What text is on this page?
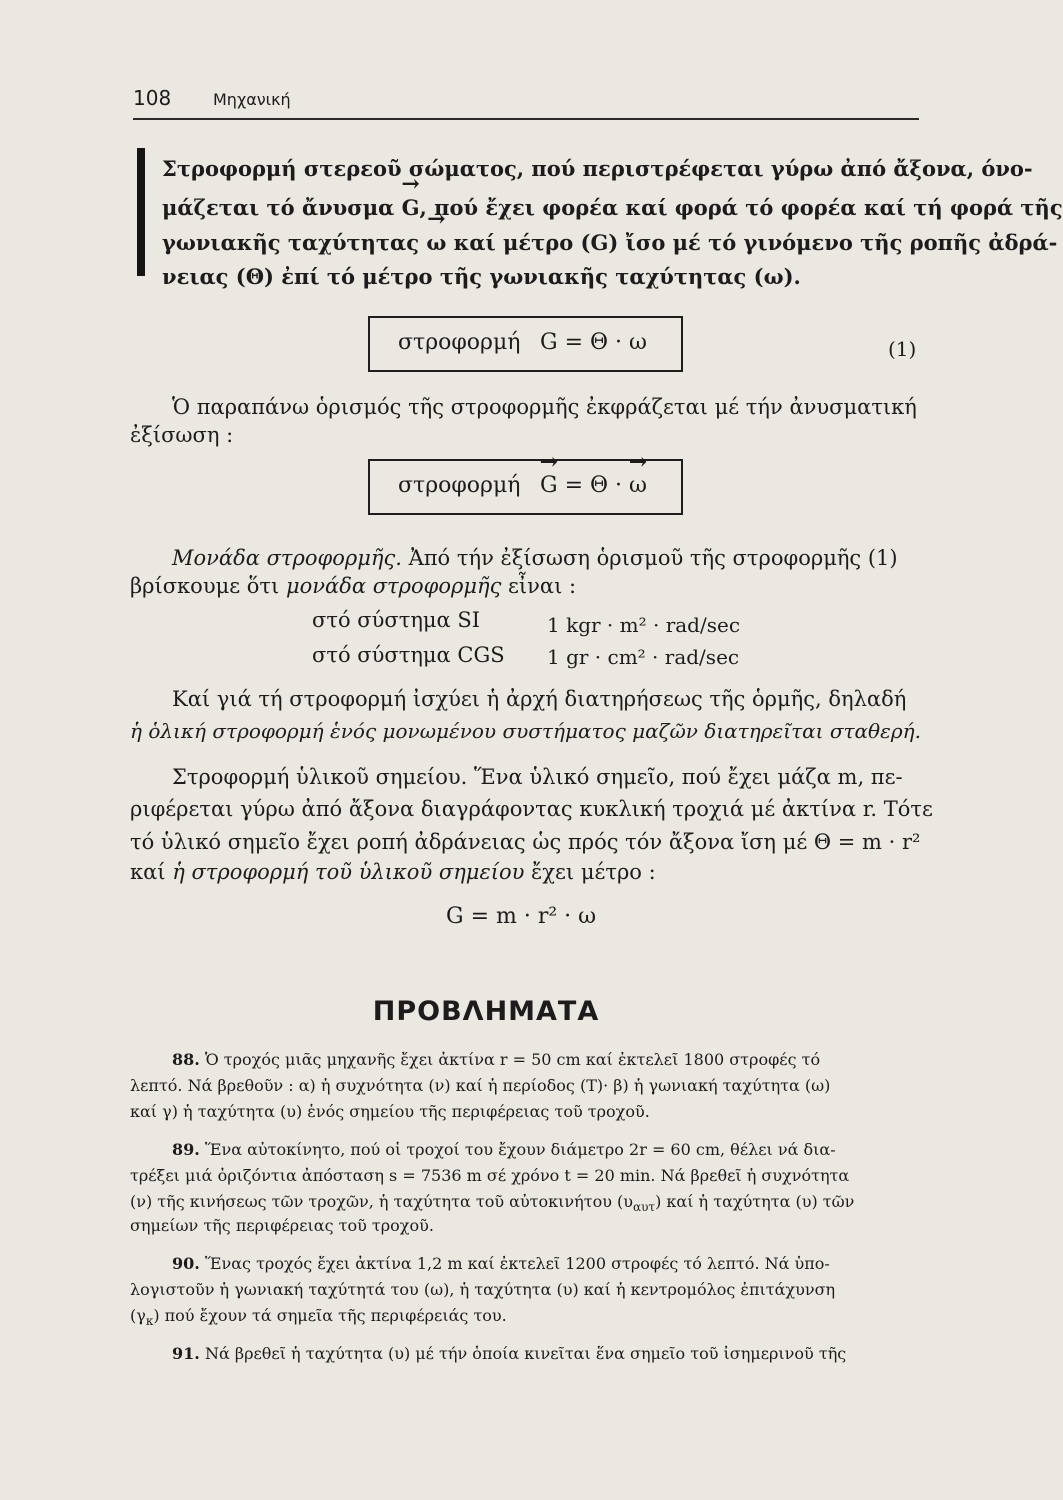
108	Μηχανική
Στροφορμή στερεοῦ σώματος, πού περιστρέφεται γύρω ἀπό ἄξονα, όνο-
μάζεται τό ἄνυσμα → G, πού ἔχει φορέα καί φορά τό φορέα καί τή φορά τῆς
γωνιακῆς ταχύτητας → ω καί μέτρο (G) ἴσο μέ τό γινόμενο τῆς ροπῆς ἀδρά-
νειας (Θ) ἐπί τό μέτρο τῆς γωνιακῆς ταχύτητας (ω).
στροφορμή G = Θ · ω	(1)
Ὁ παραπάνω ὁρισμός τῆς στροφορμῆς ἐκφράζεται μέ τήν ἀνυσματική
ἐξίσωση :
στροφορμή
→ G = Θ · → ω
Μονάδα στροφορμῆς. Ἀπό τήν ἐξίσωση ὁρισμοῦ τῆς στροφορμῆς (1)
βρίσκουμε ὅτι μονάδα στροφορμῆς εἶναι :
στό σύστημα SI	1 kgr · m² · rad/sec
στό σύστημα CGS 1 gr · cm² · rad/sec
Καί γιά τή στροφορμή ἰσχύει ἡ ἀρχή διατηρήσεως τῆς ὁρμῆς, δηλαδή
ἡ ὁλική στροφορμή ἑνός μονωμένου συστήματος μαζῶν διατηρεῖται σταθερή.
Στροφορμή ὑλικοῦ σημείου. Ἕνα ὑλικό σημεῖο, πού ἔχει μάζα m, πε-
ριφέρεται γύρω ἀπό ἄξονα διαγράφοντας κυκλική τροχιά μέ ἀκτίνα r. Τότε
τό ὑλικό σημεῖο ἔχει ροπή ἀδράνειας ὡς πρός τόν ἄξονα ἴση μέ Θ = m · r²
καί ἡ στροφορμή τοῦ ὑλικοῦ σημείου ἔχει μέτρο :
G = m · r² · ω
ΠΡΟΒΛΗΜΑΤΑ
88. Ὁ τροχός μιᾶς μηχανῆς ἔχει ἀκτίνα r = 50 cm καί ἐκτελεῖ 1800 στροφές τό
λεπτό. Νά βρεθοῦν : α) ἡ συχνότητα (ν) καί ἡ περίοδος (Τ)· β) ἡ γωνιακή ταχύτητα (ω)
καί γ) ἡ ταχύτητα (υ) ἑνός σημείου τῆς περιφέρειας τοῦ τροχοῦ.
89. Ἕνα αὐτοκίνητο, πού οἱ τροχοί του ἔχουν διάμετρο 2r = 60 cm, θέλει νά δια-
τρέξει μιά ὀριζόντια ἀπόσταση s = 7536 m σέ χρόνο t = 20 min. Νά βρεθεῖ ἡ συχνότητα
(ν) τῆς κινήσεως τῶν τροχῶν, ἡ ταχύτητα τοῦ αὐτοκινήτου $(\upsilon_{\alpha\upsilon\tau})$ καί ἡ ταχύτητα (υ) τῶν
σημείων τῆς περιφέρειας τοῦ τροχοῦ.
90. Ἕνας τροχός ἔχει ἀκτίνα 1,2 m καί ἐκτελεῖ 1200 στροφές τό λεπτό. Νά ὑπο-
λογιστοῦν ἡ γωνιακή ταχύτητά του (ω), ἡ ταχύτητα (υ) καί ἡ κεντρομόλος ἐπιτάχυνση
$(\gamma_\kappa)$ πού ἔχουν τά σημεῖα τῆς περιφέρειάς του.
91. Νά βρεθεῖ ἡ ταχύτητα (υ) μέ τήν ὁποία κινεῖται ἕνα σημεῖο τοῦ ἰσημερινοῦ τῆς
